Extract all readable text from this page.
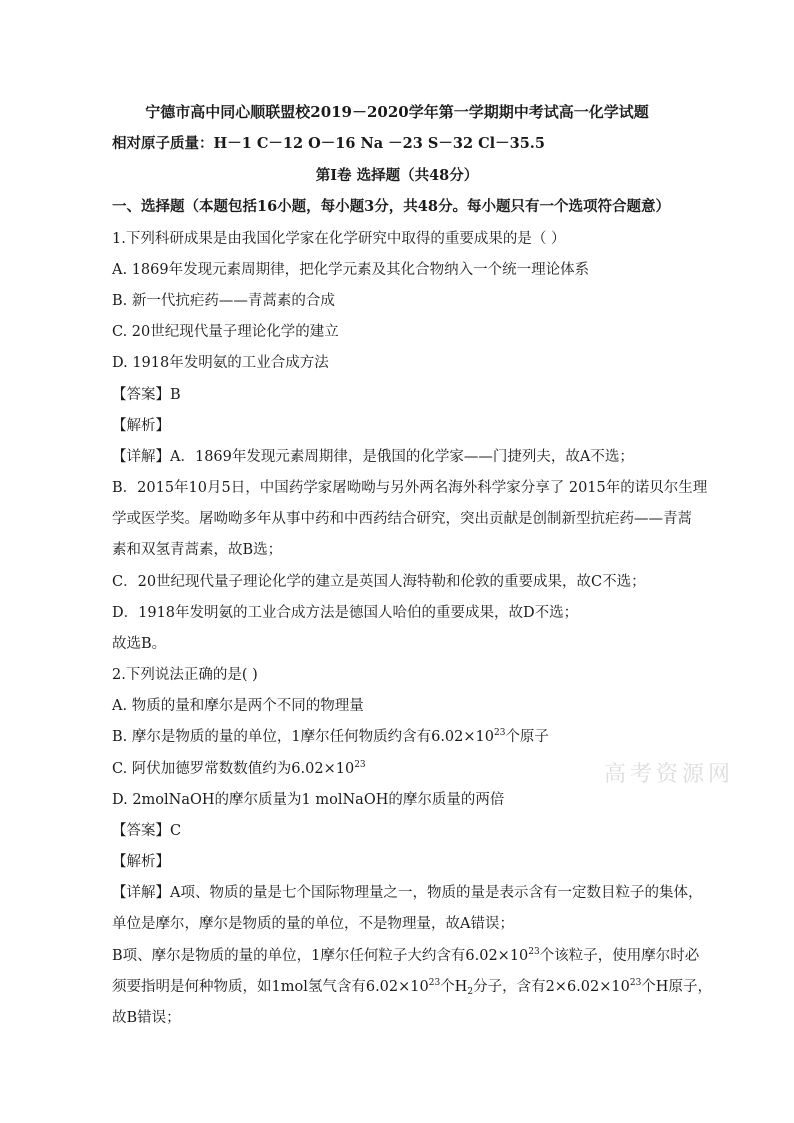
宁德市高中同心顺联盟校2019－2020学年第一学期期中考试高一化学试题
相对原子质量：H－1 C－12 O－16 Na －23 S－32 Cl－35.5
第Ⅰ卷 选择题（共48分）
一、选择题（本题包括16小题，每小题3分，共48分。每小题只有一个选项符合题意）
1.下列科研成果是由我国化学家在化学研究中取得的重要成果的是（ ）
A. 1869年发现元素周期律，把化学元素及其化合物纳入一个统一理论体系
B. 新一代抗疟药——青蒿素的合成
C. 20世纪现代量子理论化学的建立
D. 1918年发明氨的工业合成方法
【答案】B
【解析】
【详解】A．1869年发现元素周期律，是俄国的化学家——门捷列夫，故A不选；
B．2015年10月5日，中国药学家屠呦呦与另外两名海外科学家分享了 2015年的诺贝尔生理
学或医学奖。屠呦呦多年从事中药和中西药结合研究，突出贡献是创制新型抗疟药——青蒿
素和双氢青蒿素，故B选；
C．20世纪现代量子理论化学的建立是英国人海特勒和伦敦的重要成果，故C不选；
D．1918年发明氨的工业合成方法是德国人哈伯的重要成果，故D不选；
故选B。
2.下列说法正确的是( )
A. 物质的量和摩尔是两个不同的物理量
B. 摩尔是物质的量的单位，1摩尔任何物质约含有$6.02\times 10^{23}$个原子
C. 阿伏加德罗常数数值约为$6.02\times 10^{23}$
D. 2molNaOH的摩尔质量为1 molNaOH的摩尔质量的两倍
【答案】C
【解析】
【详解】A项、物质的量是七个国际物理量之一，物质的量是表示含有一定数目粒子的集体，
单位是摩尔，摩尔是物质的量的单位，不是物理量，故A错误；
B项、摩尔是物质的量的单位，1摩尔任何粒子大约含有$6.02\times 10^{23}$个该粒子，使用摩尔时必
须要指明是何种物质，如1mol氢气含有$6.02\times 10^{23}$个$H_2$分子，含有$2\times 6.02\times 10^{23}$个H原子，
故B错误；
高考资源网
